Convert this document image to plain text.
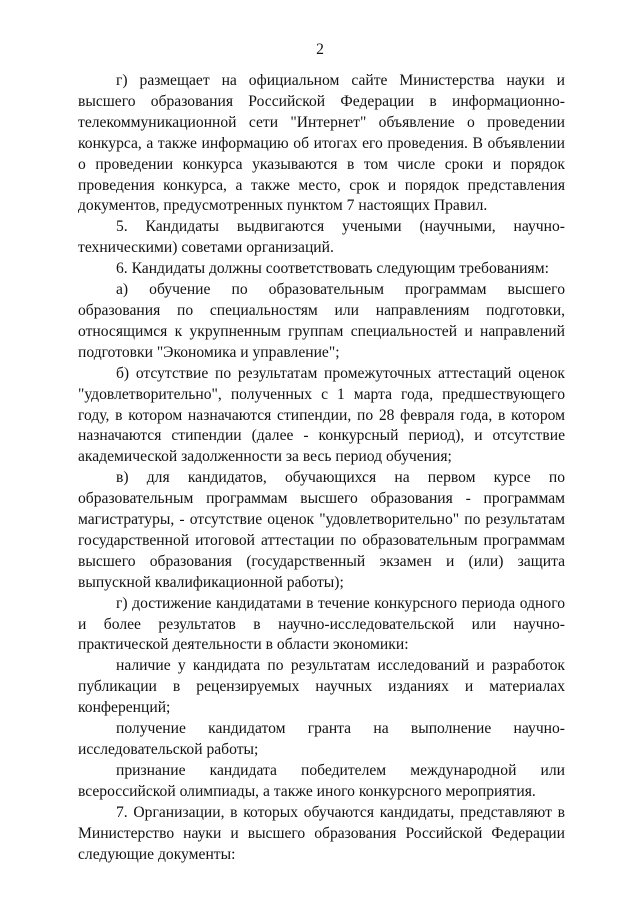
2

г) размещает на официальном сайте Министерства науки и высшего образования Российской Федерации в информационно-телекоммуникационной сети "Интернет" объявление о проведении конкурса, а также информацию об итогах его проведения. В объявлении о проведении конкурса указываются в том числе сроки и порядок проведения конкурса, а также место, срок и порядок представления документов, предусмотренных пунктом 7 настоящих Правил.

5. Кандидаты выдвигаются учеными (научными, научно-техническими) советами организаций.

6. Кандидаты должны соответствовать следующим требованиям:

а) обучение по образовательным программам высшего образования по специальностям или направлениям подготовки, относящимся к укрупненным группам специальностей и направлений подготовки "Экономика и управление";

б) отсутствие по результатам промежуточных аттестаций оценок "удовлетворительно", полученных с 1 марта года, предшествующего году, в котором назначаются стипендии, по 28 февраля года, в котором назначаются стипендии (далее - конкурсный период), и отсутствие академической задолженности за весь период обучения;

в) для кандидатов, обучающихся на первом курсе по образовательным программам высшего образования - программам магистратуры, - отсутствие оценок "удовлетворительно" по результатам государственной итоговой аттестации по образовательным программам высшего образования (государственный экзамен и (или) защита выпускной квалификационной работы);

г) достижение кандидатами в течение конкурсного периода одного и более результатов в научно-исследовательской или научно-практической деятельности в области экономики:

наличие у кандидата по результатам исследований и разработок публикации в рецензируемых научных изданиях и материалах конференций;

получение кандидатом гранта на выполнение научно-исследовательской работы;

признание кандидата победителем международной или всероссийской олимпиады, а также иного конкурсного мероприятия.

7. Организации, в которых обучаются кандидаты, представляют в Министерство науки и высшего образования Российской Федерации следующие документы:
